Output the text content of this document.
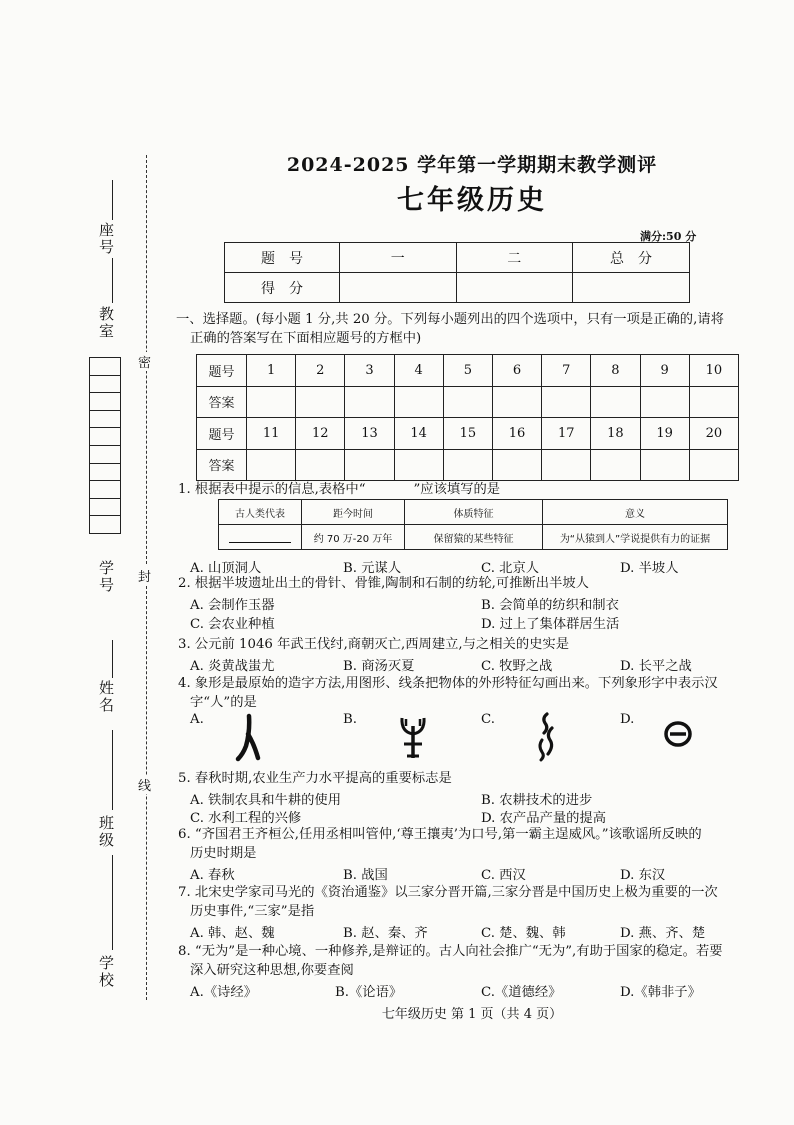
密
封
线
座号
教室
学号
姓名
班级
学校
2024-2025 学年第一学期期末教学测评
七年级历史
满分:50 分
题　号	一	二	总　分
得　分			
一、选择题。(每小题 1 分,共 20 分。下列每小题列出的四个选项中，只有一项是正确的,请将
正确的答案写在下面相应题号的方框中)
题号	1	2	3	4	5	6	7	8	9	10
答案										
题号	11	12	13	14	15	16	17	18	19	20
答案										
1. 根据表中提示的信息,表格中“	”应该填写的是
古人类代表	距今时间	体质特征	意义
	约 70 万-20 万年	保留猿的某些特征	为“从猿到人”学说提供有力的证据
A. 山顶洞人	B. 元谋人	C. 北京人	D. 半坡人
2. 根据半坡遗址出土的骨针、骨锥,陶制和石制的纺轮,可推断出半坡人
A. 会制作玉器	B. 会简单的纺织和制衣
C. 会农业种植	D. 过上了集体群居生活
3. 公元前 1046 年武王伐纣,商朝灭亡,西周建立,与之相关的史实是
A. 炎黄战蚩尤	B. 商汤灭夏	C. 牧野之战	D. 长平之战
4. 象形是最原始的造字方法,用图形、线条把物体的外形特征勾画出来。下列象形字中表示汉
字“人”的是
A.	B.	C.	D.
5. 春秋时期,农业生产力水平提高的重要标志是
A. 铁制农具和牛耕的使用	B. 农耕技术的进步
C. 水利工程的兴修	D. 农产品产量的提高
6. “齐国君王齐桓公,任用丞相叫管仲,‘尊王攘夷’为口号,第一霸主逞威风。”该歌谣所反映的
历史时期是
A. 春秋	B. 战国	C. 西汉	D. 东汉
7. 北宋史学家司马光的《资治通鉴》以三家分晋开篇,三家分晋是中国历史上极为重要的一次
历史事件,“三家”是指
A. 韩、赵、魏	B. 赵、秦、齐	C. 楚、魏、韩	D. 燕、齐、楚
8. “无为”是一种心境、一种修养,是辩证的。古人向社会推广“无为”,有助于国家的稳定。若要
深入研究这种思想,你要查阅
A.《诗经》	B.《论语》	C.《道德经》	D.《韩非子》
七年级历史 第 1 页（共 4 页）
